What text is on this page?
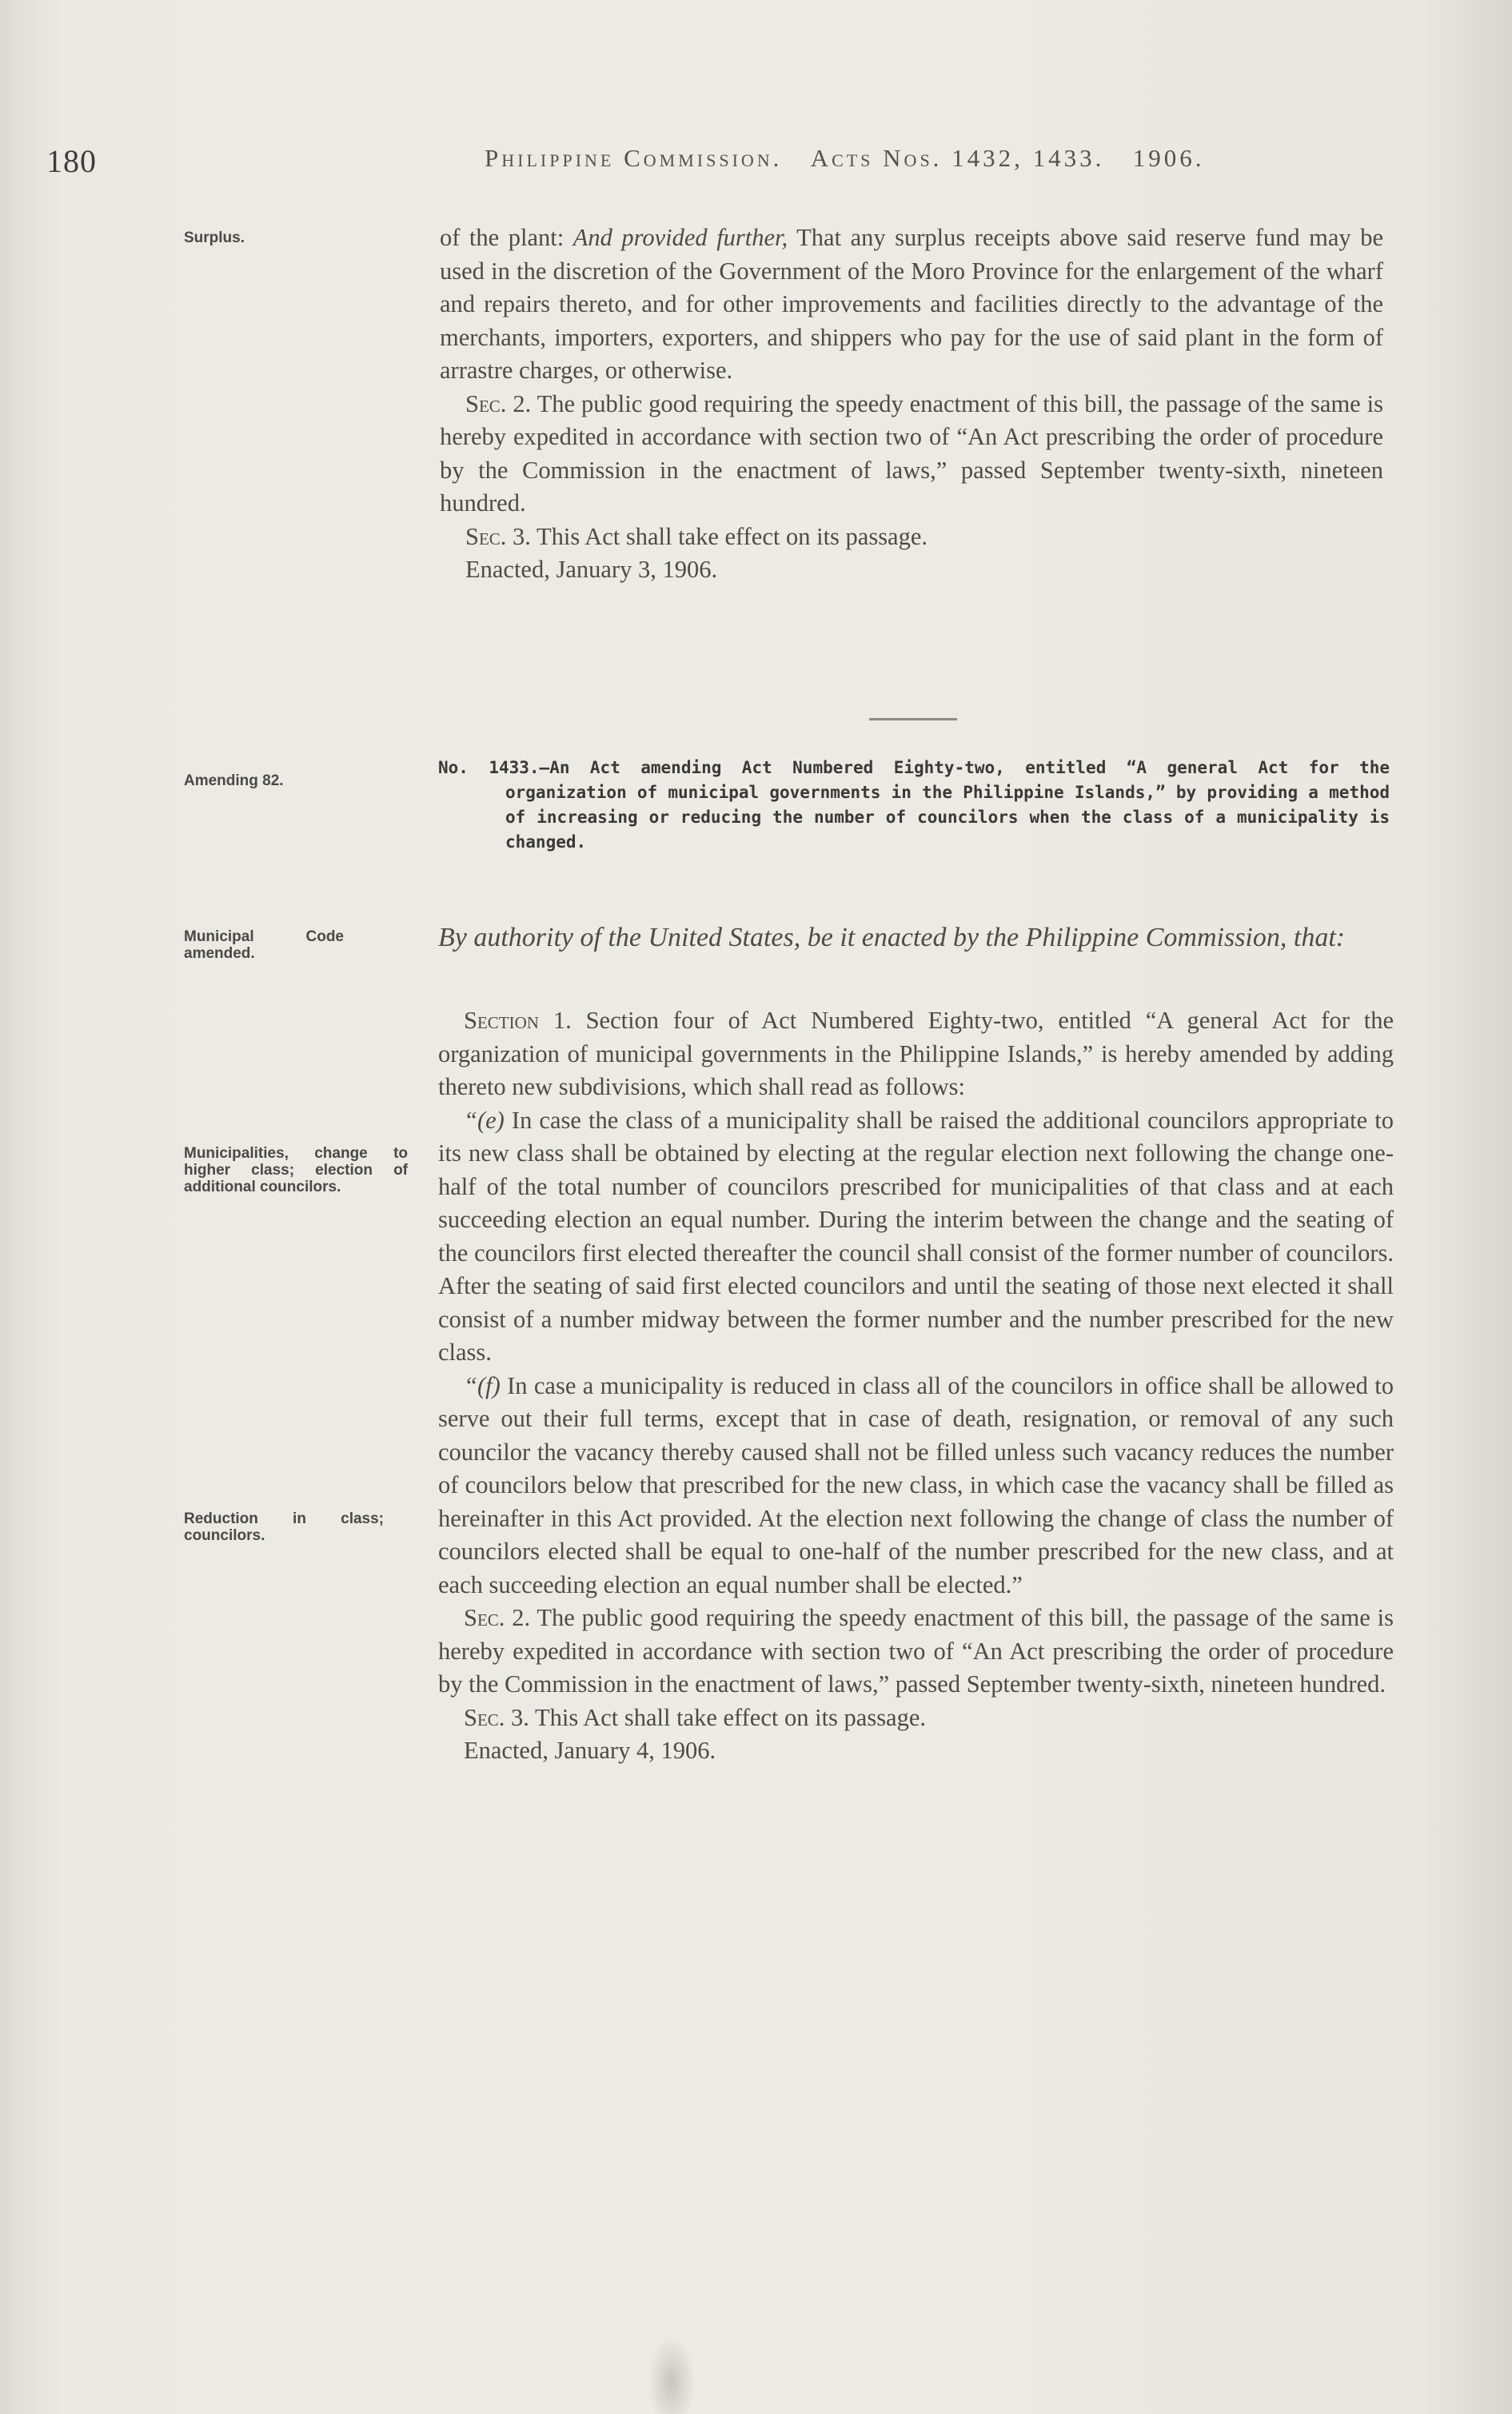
180	Philippine Commission. Acts Nos. 1432, 1433. 1906.
Surplus.
Amending 82.
Municipal Code amended.
Municipalities, change to higher class; election of additional councilors.
Reduction in class; councilors.

of the plant: And provided further, That any surplus receipts above said reserve fund may be used in the discretion of the Government of the Moro Province for the enlargement of the wharf and repairs thereto, and for other improvements and facilities directly to the advantage of the merchants, importers, exporters, and shippers who pay for the use of said plant in the form of arrastre charges, or otherwise.

Sec. 2. The public good requiring the speedy enactment of this bill, the passage of the same is hereby expedited in accordance with section two of “An Act prescribing the order of procedure by the Commission in the enactment of laws,” passed September twenty-sixth, nineteen hundred.

Sec. 3. This Act shall take effect on its passage.

Enacted, January 3, 1906.

No. 1433.—An Act amending Act Numbered Eighty-two, entitled “A general Act for the organization of municipal governments in the Philippine Islands,” by providing a method of increasing or reducing the number of councilors when the class of a municipality is changed.
By authority of the United States, be it enacted by the Philippine Commission, that:

Section 1. Section four of Act Numbered Eighty-two, entitled “A general Act for the organization of municipal governments in the Philippine Islands,” is hereby amended by adding thereto new subdivisions, which shall read as follows:

“(e) In case the class of a municipality shall be raised the additional councilors appropriate to its new class shall be obtained by electing at the regular election next following the change one-half of the total number of councilors prescribed for municipalities of that class and at each succeeding election an equal number. During the interim between the change and the seating of the councilors first elected thereafter the council shall consist of the former number of councilors. After the seating of said first elected councilors and until the seating of those next elected it shall consist of a number midway between the former number and the number prescribed for the new class.

“(f) In case a municipality is reduced in class all of the councilors in office shall be allowed to serve out their full terms, except that in case of death, resignation, or removal of any such councilor the vacancy thereby caused shall not be filled unless such vacancy reduces the number of councilors below that prescribed for the new class, in which case the vacancy shall be filled as hereinafter in this Act provided. At the election next following the change of class the number of councilors elected shall be equal to one-half of the number prescribed for the new class, and at each succeeding election an equal number shall be elected.”

Sec. 2. The public good requiring the speedy enactment of this bill, the passage of the same is hereby expedited in accordance with section two of “An Act prescribing the order of procedure by the Commission in the enactment of laws,” passed September twenty-sixth, nineteen hundred.

Sec. 3. This Act shall take effect on its passage.

Enacted, January 4, 1906.
